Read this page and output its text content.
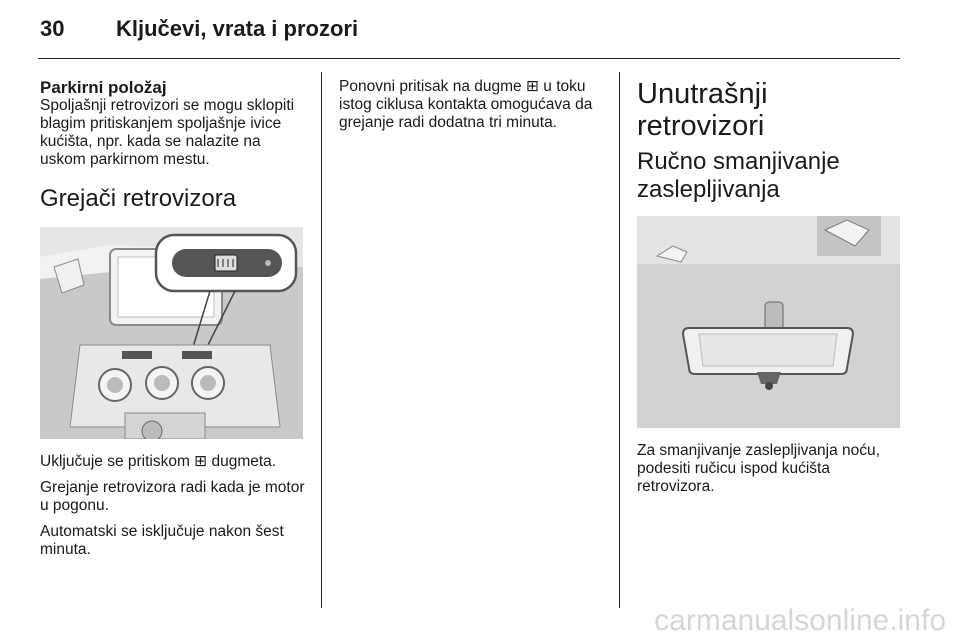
30 Ključevi, vrata i prozori
Parkirni položaj

Spoljašnji retrovizori se mogu sklopiti blagim pritiskanjem spoljašnje ivice kućišta, npr. kada se nalazite na uskom parkirnom mestu.

Grejači retrovizora

Uključuje se pritiskom ⊞ dugmeta.

Grejanje retrovizora radi kada je motor u pogonu.

Automatski se isključuje nakon šest minuta.

Ponovni pritisak na dugme ⊞ u toku istog ciklusa kontakta omogućava da grejanje radi dodatna tri minuta.

Unutrašnji retrovizori
Ručno smanjivanje zaslepljivanja

Za smanjivanje zaslepljivanja noću, podesiti ručicu ispod kućišta retrovizora.

carmanualsonline.info
